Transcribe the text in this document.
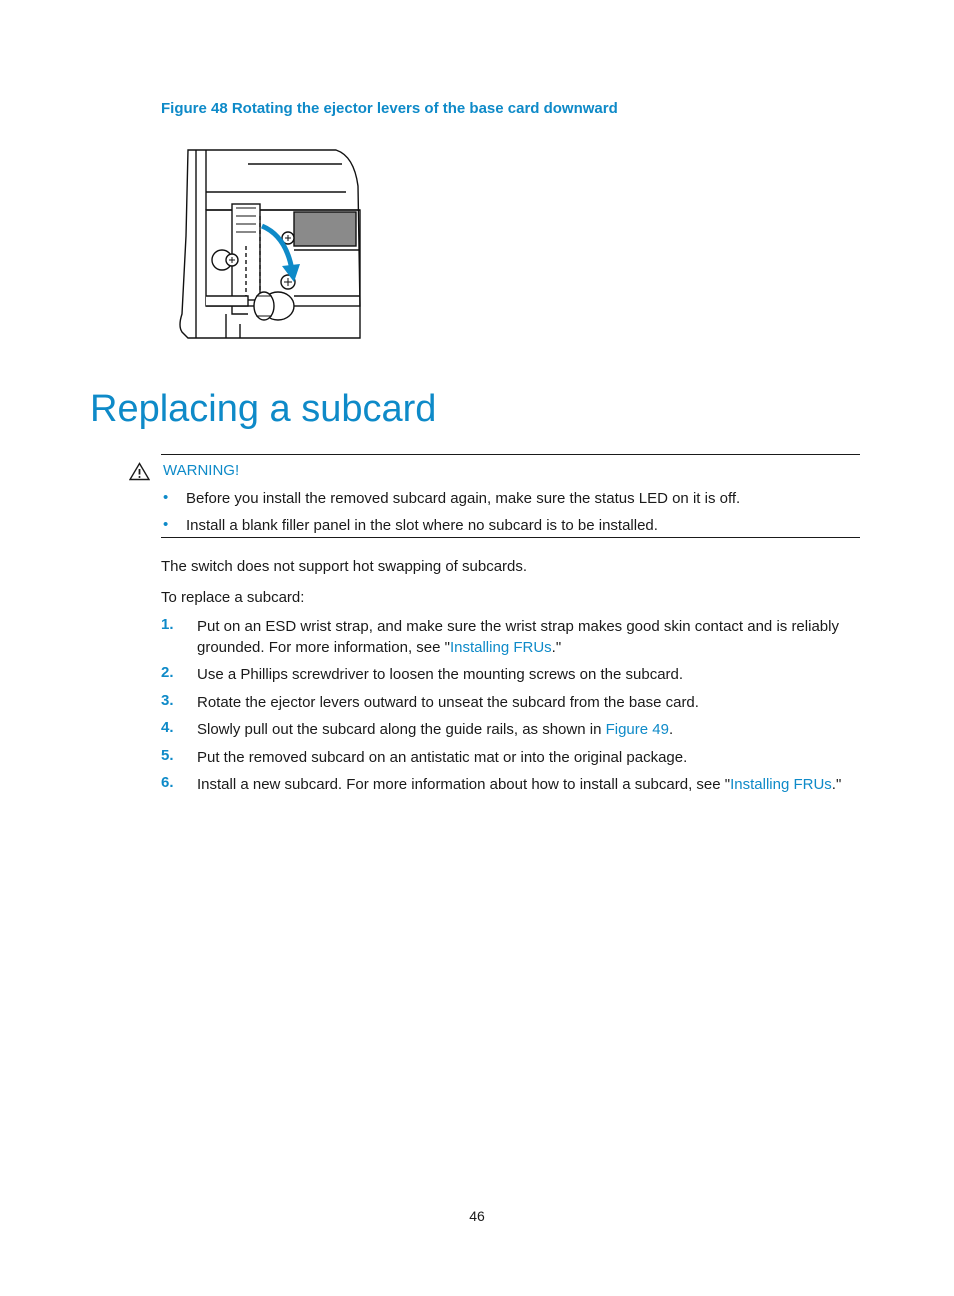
Figure 48 Rotating the ejector levers of the base card downward
Replacing a subcard
WARNING!
• Before you install the removed subcard again, make sure the status LED on it is off.
• Install a blank filler panel in the slot where no subcard is to be installed.
The switch does not support hot swapping of subcards.
To replace a subcard:
1. Put on an ESD wrist strap, and make sure the wrist strap makes good skin contact and is reliably
grounded. For more information, see "Installing FRUs."
2. Use a Phillips screwdriver to loosen the mounting screws on the subcard.
3. Rotate the ejector levers outward to unseat the subcard from the base card.
4. Slowly pull out the subcard along the guide rails, as shown in Figure 49.
5. Put the removed subcard on an antistatic mat or into the original package.
6. Install a new subcard. For more information about how to install a subcard, see "Installing FRUs."
46
